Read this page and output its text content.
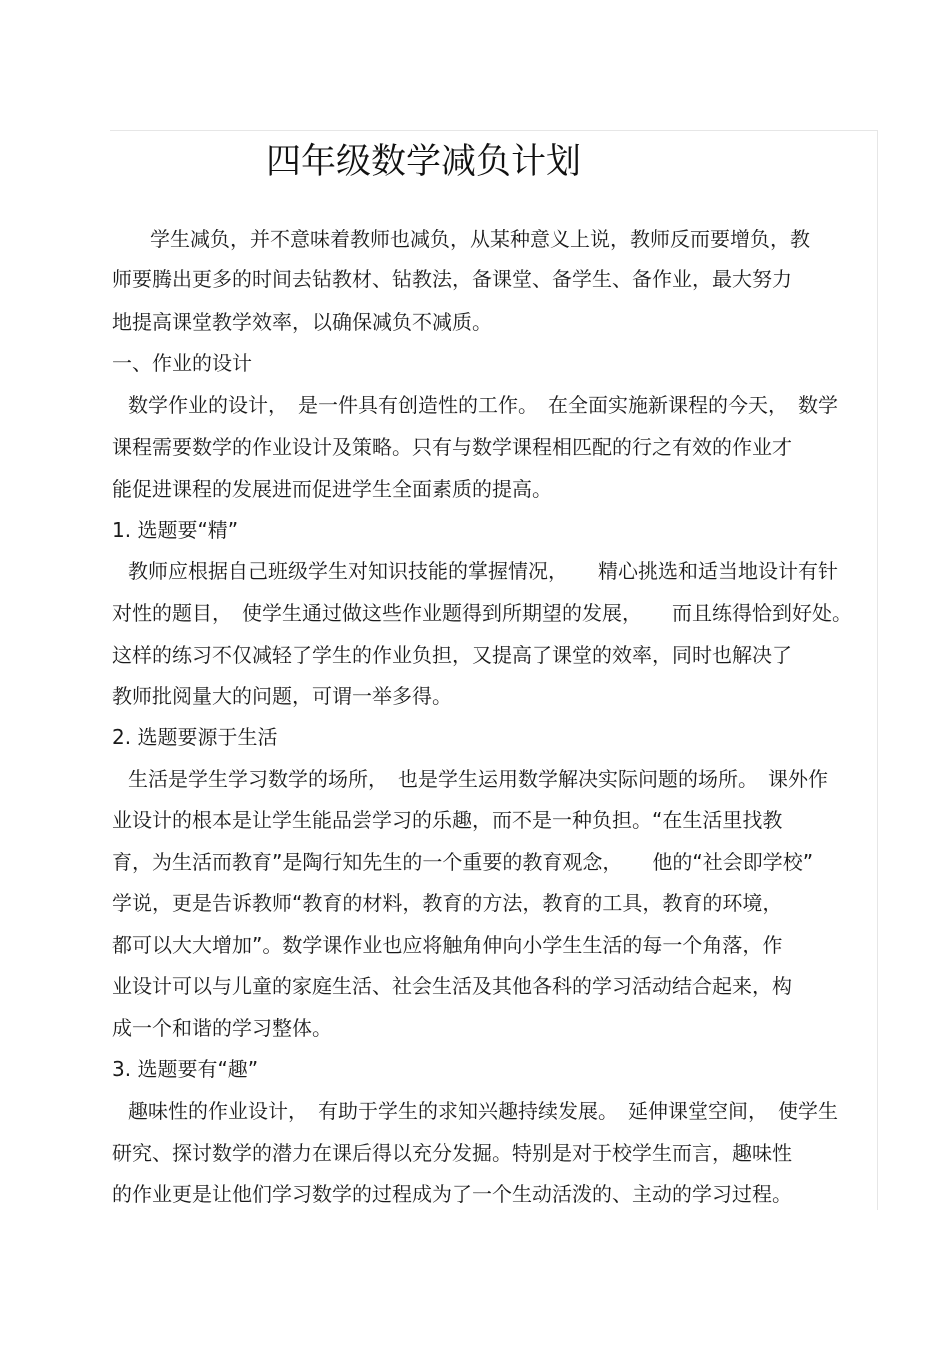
四年级数学减负计划
学生减负，并不意味着教师也减负，从某种意义上说，教师反而要增负，教
师要腾出更多的时间去钻教材、钻教法，备课堂、备学生、备作业，最大努力
地提高课堂教学效率，以确保减负不减质。
一、作业的设计
数学作业的设计，　是一件具有创造性的工作。　在全面实施新课程的今天，　数学
课程需要数学的作业设计及策略。只有与数学课程相匹配的行之有效的作业才
能促进课程的发展进而促进学生全面素质的提高。
1. 选题要“精”
教师应根据自己班级学生对知识技能的掌握情况，　　精心挑选和适当地设计有针
对性的题目，　使学生通过做这些作业题得到所期望的发展，　　而且练得恰到好处。
这样的练习不仅减轻了学生的作业负担，又提高了课堂的效率，同时也解决了
教师批阅量大的问题，可谓一举多得。
2. 选题要源于生活
生活是学生学习数学的场所，　也是学生运用数学解决实际问题的场所。　课外作
业设计的根本是让学生能品尝学习的乐趣，而不是一种负担。“在生活里找教
育，为生活而教育”是陶行知先生的一个重要的教育观念，　　他的“社会即学校”
学说，更是告诉教师“教育的材料，教育的方法，教育的工具，教育的环境，
都可以大大增加”。数学课作业也应将触角伸向小学生生活的每一个角落，作
业设计可以与儿童的家庭生活、社会生活及其他各科的学习活动结合起来，构
成一个和谐的学习整体。
3. 选题要有“趣”
趣味性的作业设计，　有助于学生的求知兴趣持续发展。　延伸课堂空间，　使学生
研究、探讨数学的潜力在课后得以充分发掘。特别是对于校学生而言，趣味性
的作业更是让他们学习数学的过程成为了一个生动活泼的、主动的学习过程。
